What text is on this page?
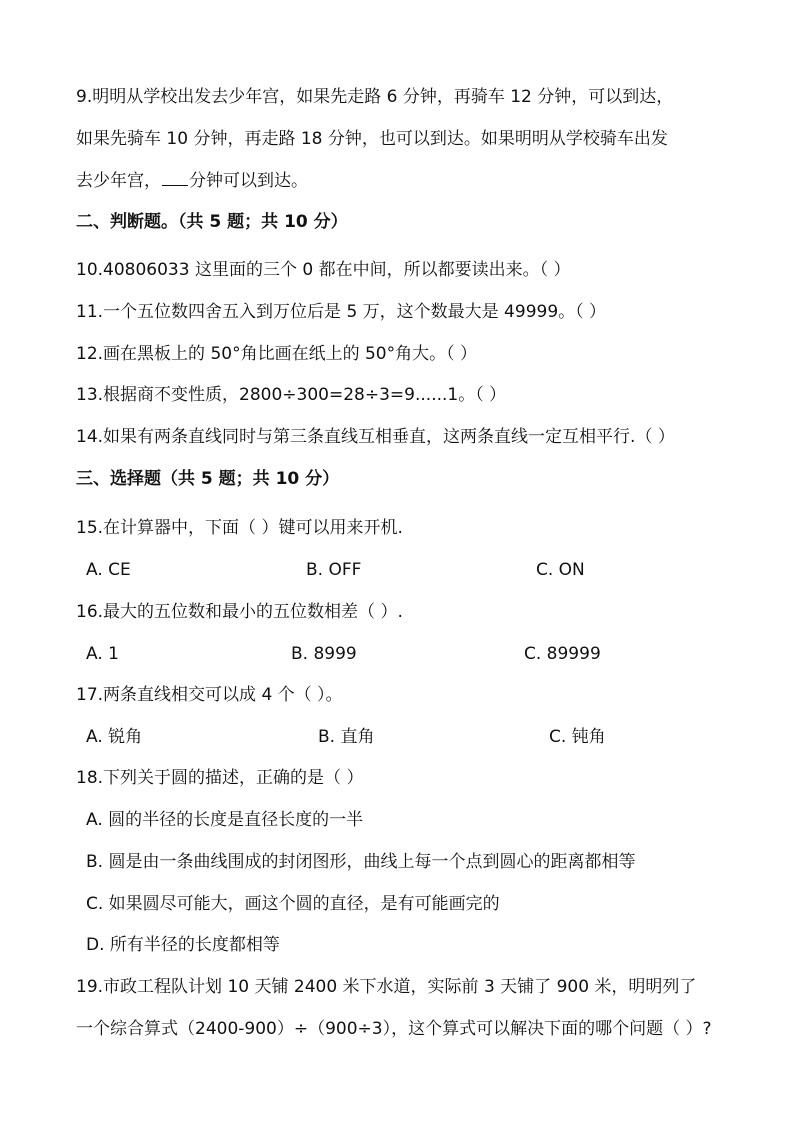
9.明明从学校出发去少年宫，如果先走路 6 分钟，再骑车 12 分钟，可以到达，
如果先骑车 10 分钟，再走路 18 分钟，也可以到达。如果明明从学校骑车出发
去少年宫， 分钟可以到达。
二、判断题。（共 5 题；共 10 分）
10.40806033 这里面的三个 0 都在中间，所以都要读出来。（ ）
11.一个五位数四舍五入到万位后是 5 万，这个数最大是 49999。（ ）
12.画在黑板上的 50°角比画在纸上的 50°角大。（ ）
13.根据商不变性质，2800÷300=28÷3=9......1。（ ）
14.如果有两条直线同时与第三条直线互相垂直，这两条直线一定互相平行.（ ）
三、选择题（共 5 题；共 10 分）
15.在计算器中，下面（ ）键可以用来开机.
A. CE	B. OFF	C. ON
16.最大的五位数和最小的五位数相差（ ）.
A. 1	B. 8999	C. 89999
17.两条直线相交可以成 4 个（ ）。
A. 锐角	B. 直角	C. 钝角
18.下列关于圆的描述，正确的是（ ）
A. 圆的半径的长度是直径长度的一半
B. 圆是由一条曲线围成的封闭图形，曲线上每一个点到圆心的距离都相等
C. 如果圆尽可能大，画这个圆的直径，是有可能画完的
D. 所有半径的长度都相等
19.市政工程队计划 10 天铺 2400 米下水道，实际前 3 天铺了 900 米，明明列了
一个综合算式（2400-900）÷（900÷3），这个算式可以解决下面的哪个问题（ ）?
